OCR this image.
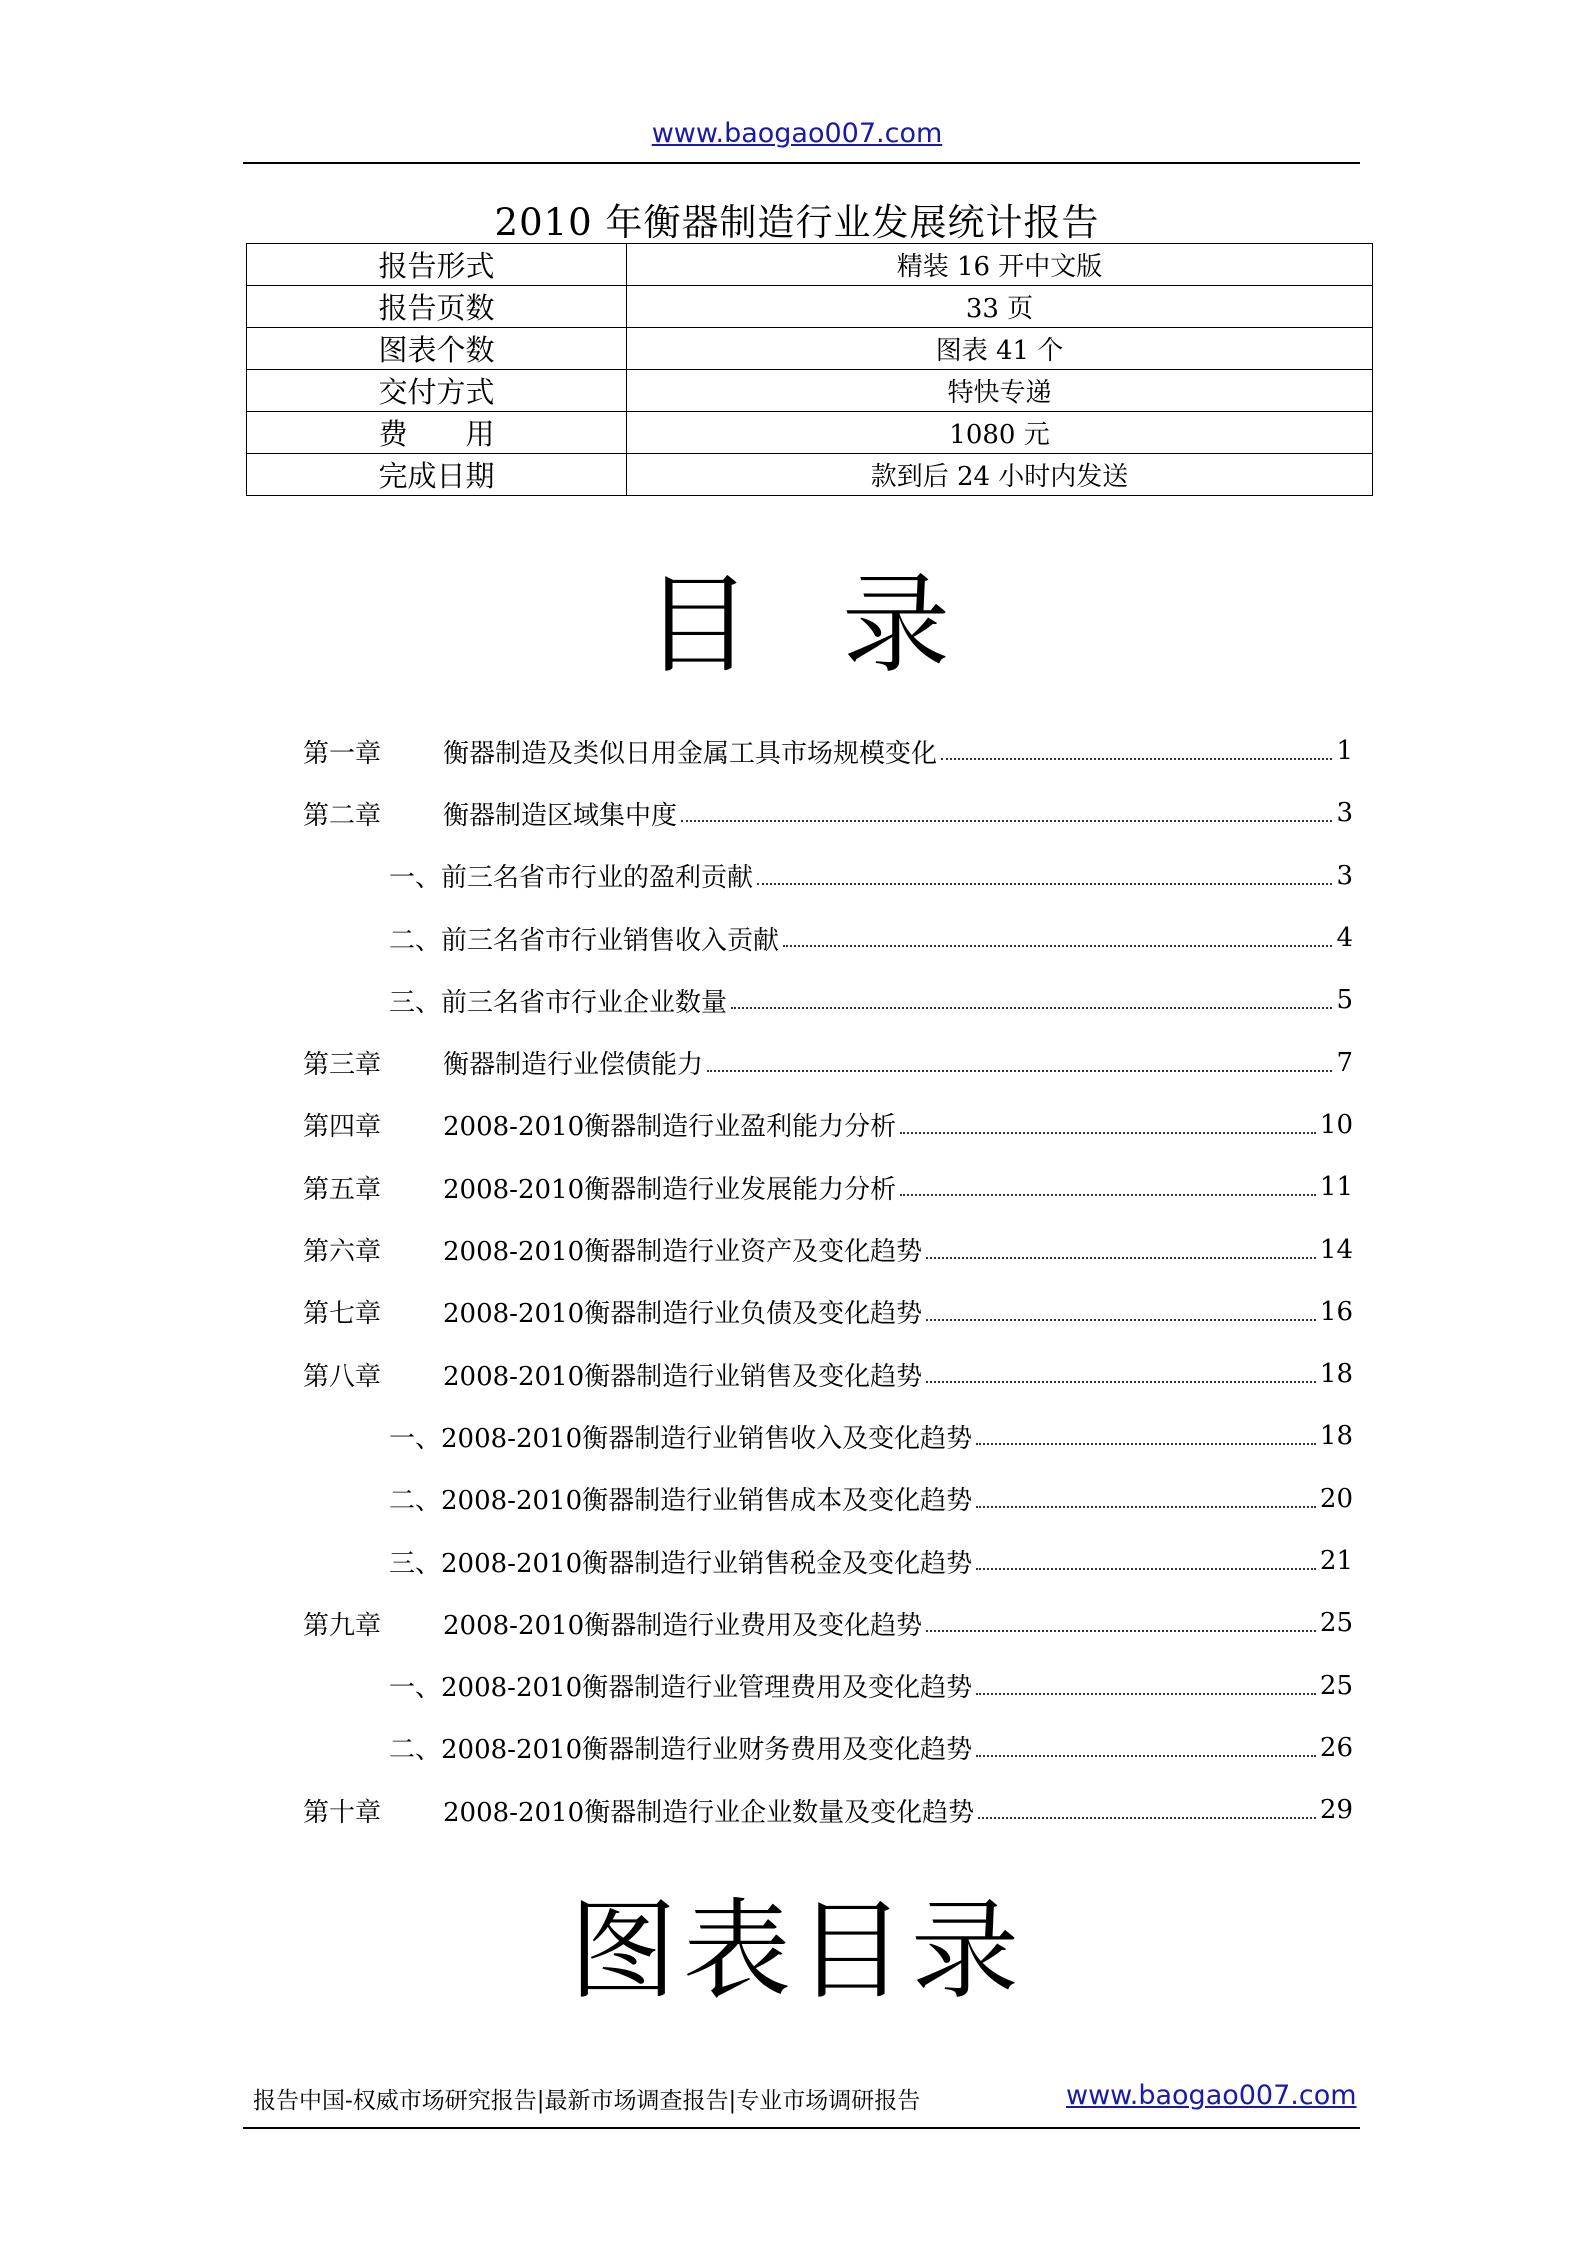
www.baogao007.com
2010 年衡器制造行业发展统计报告
报告形式	精装 16 开中文版
报告页数	33 页
图表个数	图表 41 个
交付方式	特快专递
费　　用	1080 元
完成日期	款到后 24 小时内发送
目录
第一章	衡器制造及类似日用金属工具市场规模变化	1
第二章	衡器制造区域集中度	3
一、前三名省市行业的盈利贡献	3
二、前三名省市行业销售收入贡献	4
三、前三名省市行业企业数量	5
第三章	衡器制造行业偿债能力	7
第四章	2008-2010衡器制造行业盈利能力分析	10
第五章	2008-2010衡器制造行业发展能力分析	11
第六章	2008-2010衡器制造行业资产及变化趋势	14
第七章	2008-2010衡器制造行业负债及变化趋势	16
第八章	2008-2010衡器制造行业销售及变化趋势	18
一、2008-2010衡器制造行业销售收入及变化趋势	18
二、2008-2010衡器制造行业销售成本及变化趋势	20
三、2008-2010衡器制造行业销售税金及变化趋势	21
第九章	2008-2010衡器制造行业费用及变化趋势	25
一、2008-2010衡器制造行业管理费用及变化趋势	25
二、2008-2010衡器制造行业财务费用及变化趋势	26
第十章	2008-2010衡器制造行业企业数量及变化趋势	29
图表目录
报告中国-权威市场研究报告|最新市场调查报告|专业市场调研报告	www.baogao007.com
